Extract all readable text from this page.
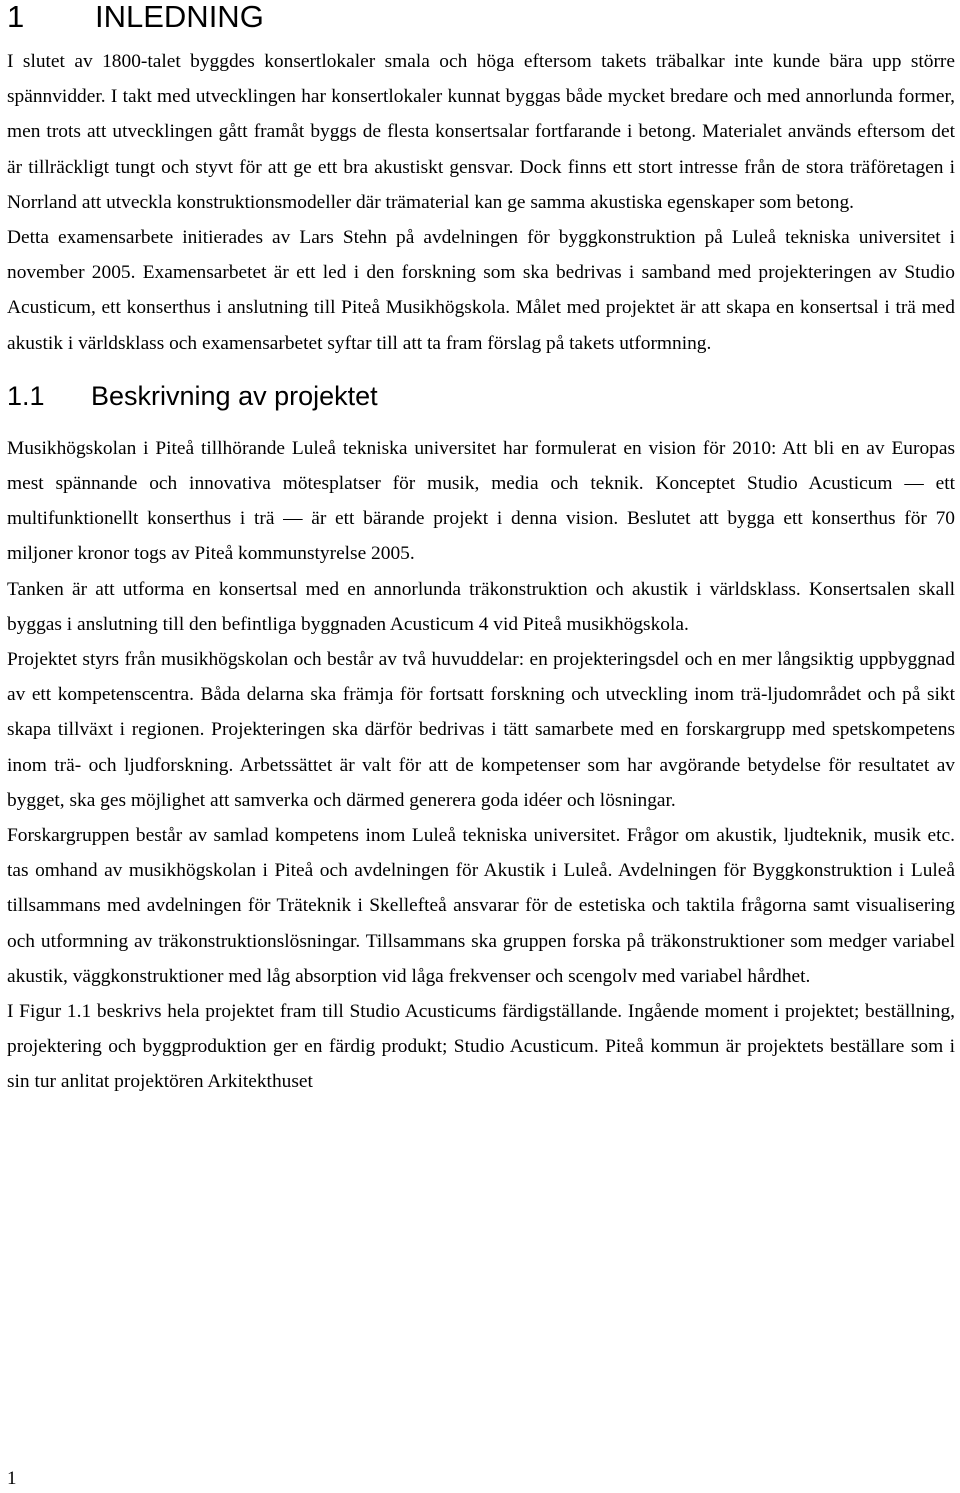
1	INLEDNING

I slutet av 1800-talet byggdes konsertlokaler smala och höga eftersom takets träbalkar inte kunde bära upp större spännvidder. I takt med utvecklingen har konsertlokaler kunnat byggas både mycket bredare och med annorlunda former, men trots att utvecklingen gått framåt byggs de flesta konsertsalar fortfarande i betong. Materialet används eftersom det är tillräckligt tungt och styvt för att ge ett bra akustiskt gensvar. Dock finns ett stort intresse från de stora träföretagen i Norrland att utveckla konstruktionsmodeller där trämaterial kan ge samma akustiska egenskaper som betong.

Detta examensarbete initierades av Lars Stehn på avdelningen för byggkonstruktion på Luleå tekniska universitet i november 2005. Examensarbetet är ett led i den forskning som ska bedrivas i samband med projekteringen av Studio Acusticum, ett konserthus i anslutning till Piteå Musikhögskola. Målet med projektet är att skapa en konsertsal i trä med akustik i världsklass och examensarbetet syftar till att ta fram förslag på takets utformning.

1.1	Beskrivning av projektet

Musikhögskolan i Piteå tillhörande Luleå tekniska universitet har formulerat en vision för 2010: Att bli en av Europas mest spännande och innovativa mötesplatser för musik, media och teknik. Konceptet Studio Acusticum ― ett multifunktionellt konserthus i trä ― är ett bärande projekt i denna vision. Beslutet att bygga ett konserthus för 70 miljoner kronor togs av Piteå kommunstyrelse 2005.

Tanken är att utforma en konsertsal med en annorlunda träkonstruktion och akustik i världsklass. Konsertsalen skall byggas i anslutning till den befintliga byggnaden Acusticum 4 vid Piteå musikhögskola.

Projektet styrs från musikhögskolan och består av två huvuddelar: en projekteringsdel och en mer långsiktig uppbyggnad av ett kompetenscentra. Båda delarna ska främja för fortsatt forskning och utveckling inom trä-ljudområdet och på sikt skapa tillväxt i regionen. Projekteringen ska därför bedrivas i tätt samarbete med en forskargrupp med spetskompetens inom trä- och ljudforskning. Arbetssättet är valt för att de kompetenser som har avgörande betydelse för resultatet av bygget, ska ges möjlighet att samverka och därmed generera goda idéer och lösningar.

Forskargruppen består av samlad kompetens inom Luleå tekniska universitet. Frågor om akustik, ljudteknik, musik etc. tas omhand av musikhögskolan i Piteå och avdelningen för Akustik i Luleå. Avdelningen för Byggkonstruktion i Luleå tillsammans med avdelningen för Träteknik i Skellefteå ansvarar för de estetiska och taktila frågorna samt visualisering och utformning av träkonstruktionslösningar. Tillsammans ska gruppen forska på träkonstruktioner som medger variabel akustik, väggkonstruktioner med låg absorption vid låga frekvenser och scengolv med variabel hårdhet.

I Figur 1.1 beskrivs hela projektet fram till Studio Acusticums färdigställande. Ingående moment i projektet; beställning, projektering och byggproduktion ger en färdig produkt; Studio Acusticum. Piteå kommun är projektets beställare som i sin tur anlitat projektören Arkitekthuset

1
